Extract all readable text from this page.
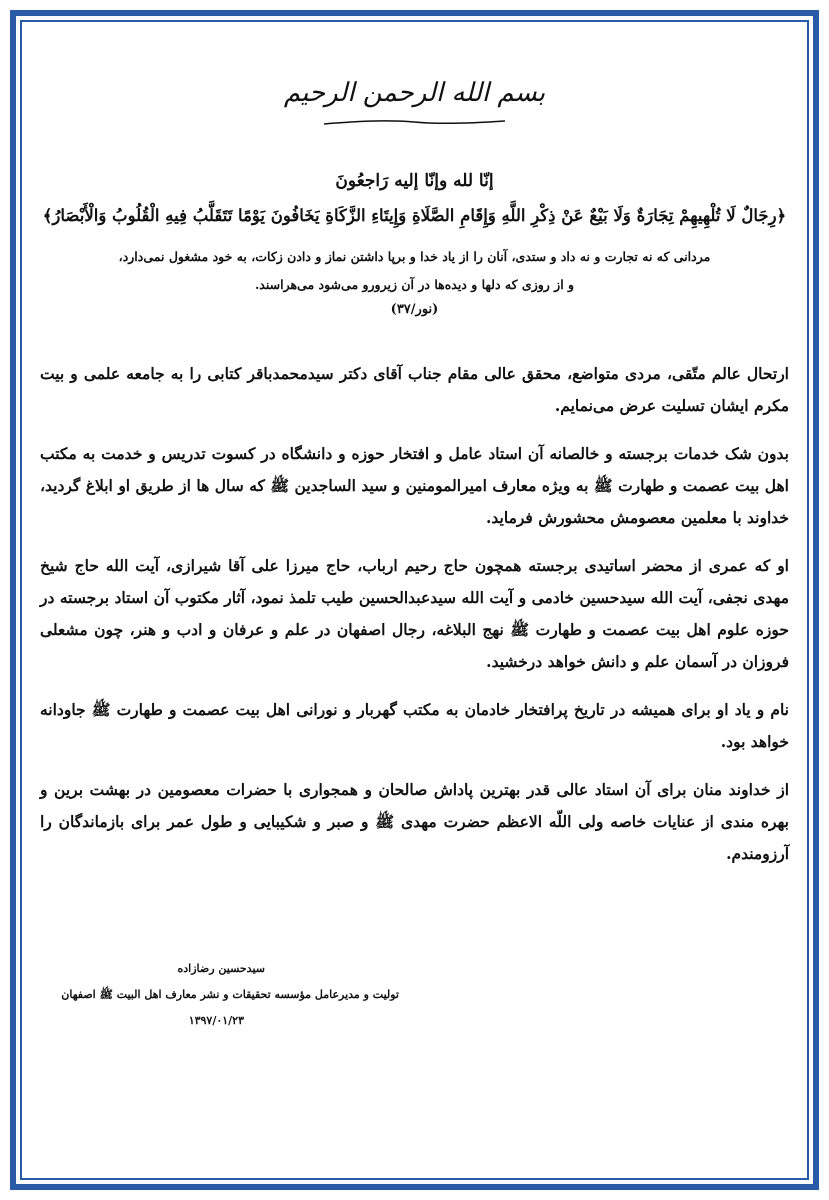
بسم الله الرحمن الرحیم
إنّا لله وإنّا إليه رَاجعُونَ
﴿رِجَالٌ لَا تُلْهِيهِمْ تِجَارَةٌ وَلَا بَيْعٌ عَنْ ذِكْرِ اللَّهِ وَإِقَامِ الصَّلَاةِ وَإِيتَاءِ الزَّكَاةِ يَخَافُونَ يَوْمًا تَتَقَلَّبُ فِيهِ الْقُلُوبُ وَالْأَبْصَارُ﴾
مردانی که نه تجارت و نه داد و ستدی، آنان را از یاد خدا و برپا داشتن نماز و دادن زکات، به خود مشغول نمی‌دارد،
و از روزی که دلها و دیده‌ها در آن زیرورو می‌شود می‌هراسند.
(نور/۳۷)

ارتحال عالم متّقی، مردی متواضع، محقق عالی مقام جناب آقای دکتر سیدمحمدباقر کتابی را به جامعه علمی و بیت مکرم ایشان تسلیت عرض می‌نمایم.

بدون شک خدمات برجسته و خالصانه آن استاد عامل و افتخار حوزه و دانشگاه در کسوت تدریس و خدمت به مکتب اهل بیت عصمت و طهارت ﷺ به ویژه معارف امیرالمومنین و سید الساجدین ﷺ که سال ها از طریق او ابلاغ گردید، خداوند با معلمین معصومش محشورش فرماید.

او که عمری از محضر اساتیدی برجسته همچون حاج رحیم ارباب، حاج میرزا علی آقا شیرازی، آیت الله حاج شیخ مهدی نجفی، آیت الله سیدحسین خادمی و آیت الله سیدعبدالحسین طیب تلمذ نمود، آثار مکتوب آن استاد برجسته در حوزه علوم اهل بیت عصمت و طهارت ﷺ نهج البلاغه، رجال اصفهان در علم و عرفان و ادب و هنر، چون مشعلی فروزان در آسمان علم و دانش خواهد درخشید.

نام و یاد او برای همیشه در تاریخ پرافتخار خادمان به مکتب گهربار و نورانی اهل بیت عصمت و طهارت ﷺ جاودانه خواهد بود.

از خداوند منان برای آن استاد عالی قدر بهترین پاداش صالحان و همجواری با حضرات معصومین در بهشت برین و بهره مندی از عنایات خاصه ولی اللّه الاعظم حضرت مهدی ﷺ و صبر و شکیبایی و طول عمر برای بازماندگان را آرزومندم.

سیدحسین رضازاده
تولیت و مدیرعامل مؤسسه تحقیقات و نشر معارف اهل البیت ﷺ اصفهان
۱۳۹۷/۰۱/۲۳
